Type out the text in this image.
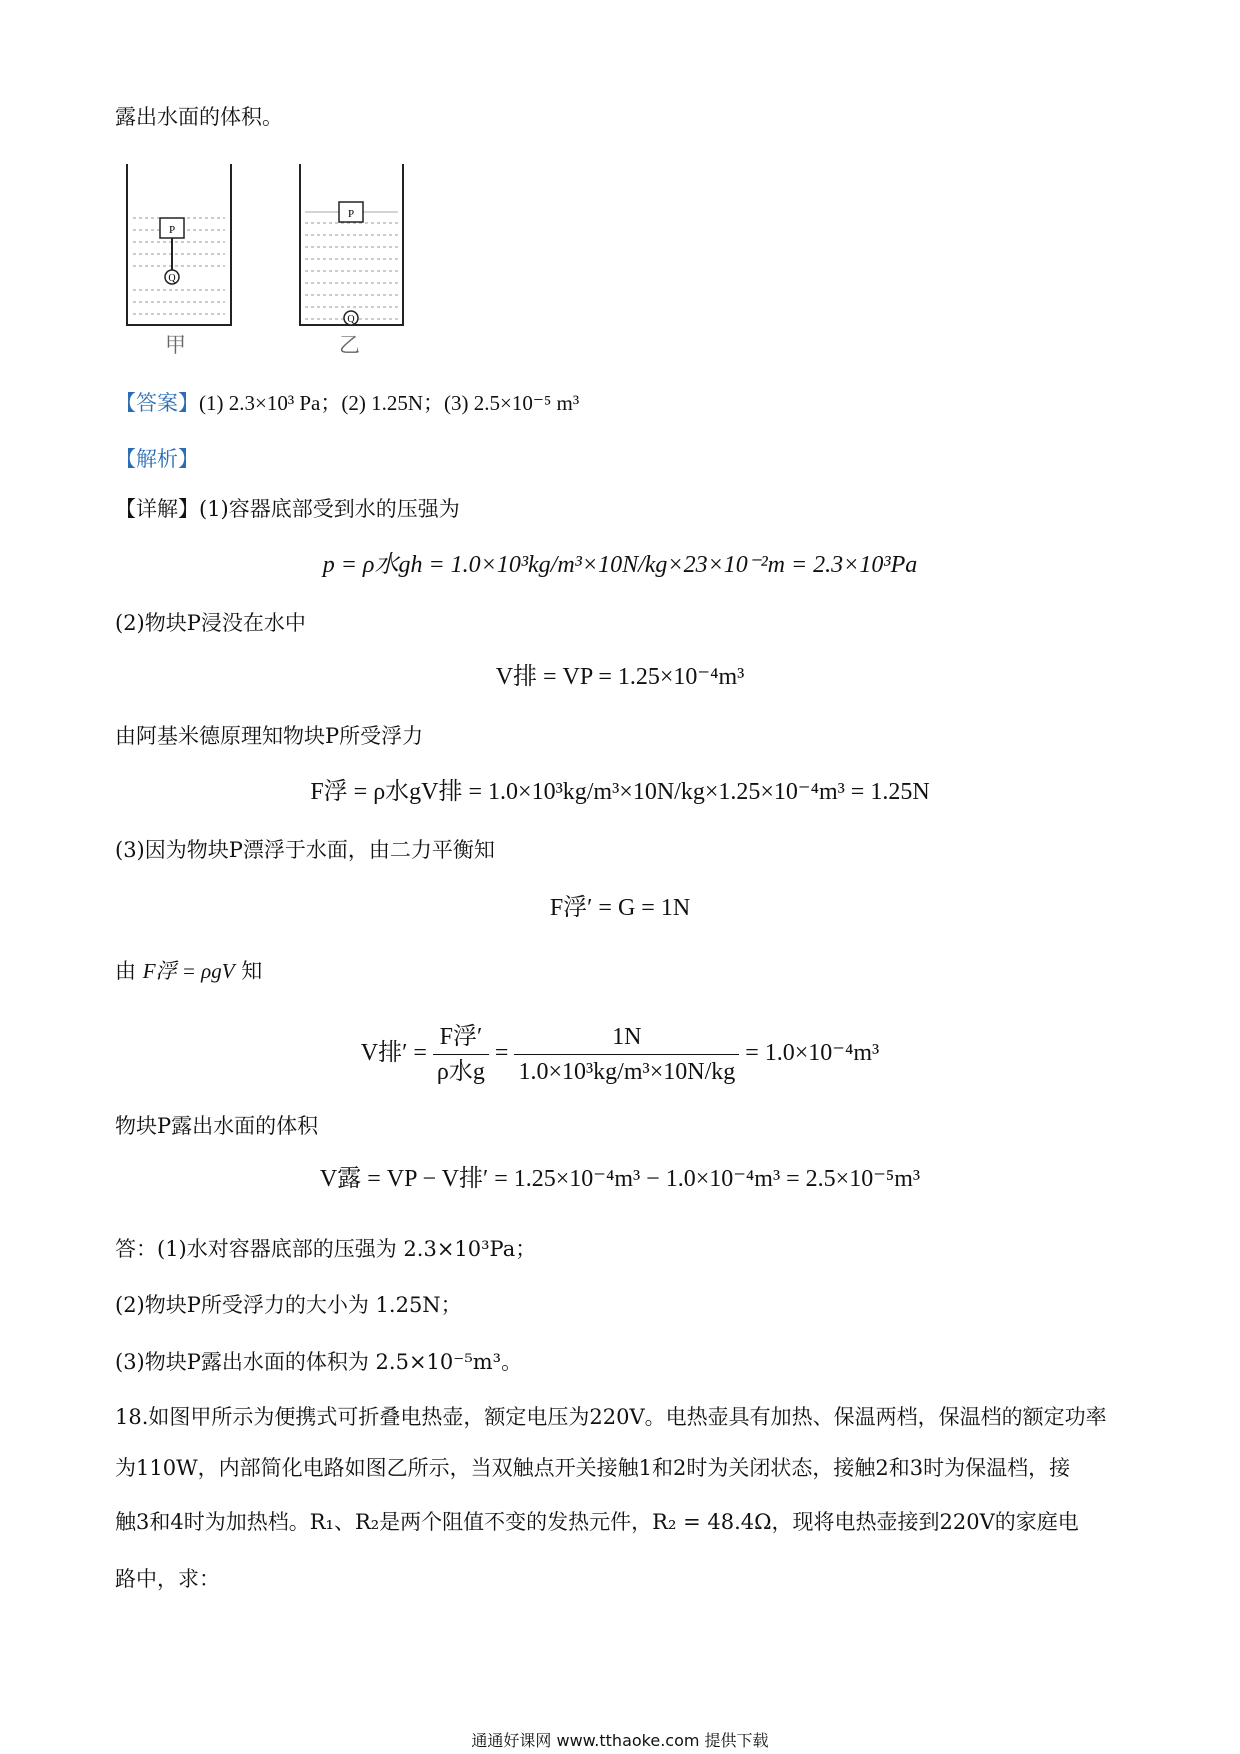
露出水面的体积。
P
Q
P
Q
甲	乙
【答案】(1) 2.3×10³ Pa；(2) 1.25N；(3) 2.5×10⁻⁵ m³
【解析】
【详解】(1)容器底部受到水的压强为
p = ρ水gh = 1.0×10³kg/m³×10N/kg×23×10⁻²m = 2.3×10³Pa
(2)物块P浸没在水中
V排 = VP = 1.25×10⁻⁴m³
由阿基米德原理知物块P所受浮力
F浮 = ρ水gV排 = 1.0×10³kg/m³×10N/kg×1.25×10⁻⁴m³ = 1.25N
(3)因为物块P漂浮于水面，由二力平衡知
F浮′ = G = 1N
由 F浮 = ρgV 知
V排′ = $\frac{\text{F浮′}}{\text{ρ水g}} = \frac{1N}{\text{1.0×10³kg/m³×10N/kg}} = 1.0\times 10^{-4}m^3$
物块P露出水面的体积
V露 = VP − V排′ = 1.25×10⁻⁴m³ − 1.0×10⁻⁴m³ = 2.5×10⁻⁵m³
答：(1)水对容器底部的压强为 2.3×10³Pa；
(2)物块P所受浮力的大小为 1.25N；
(3)物块P露出水面的体积为 2.5×10⁻⁵m³。
18.如图甲所示为便携式可折叠电热壶，额定电压为220V。电热壶具有加热、保温两档，保温档的额定功率
为110W，内部简化电路如图乙所示，当双触点开关接触1和2时为关闭状态，接触2和3时为保温档，接
触3和4时为加热档。R₁、R₂是两个阻值不变的发热元件，R₂ = 48.4Ω，现将电热壶接到220V的家庭电
路中，求：
通通好课网 www.tthaoke.com 提供下载
